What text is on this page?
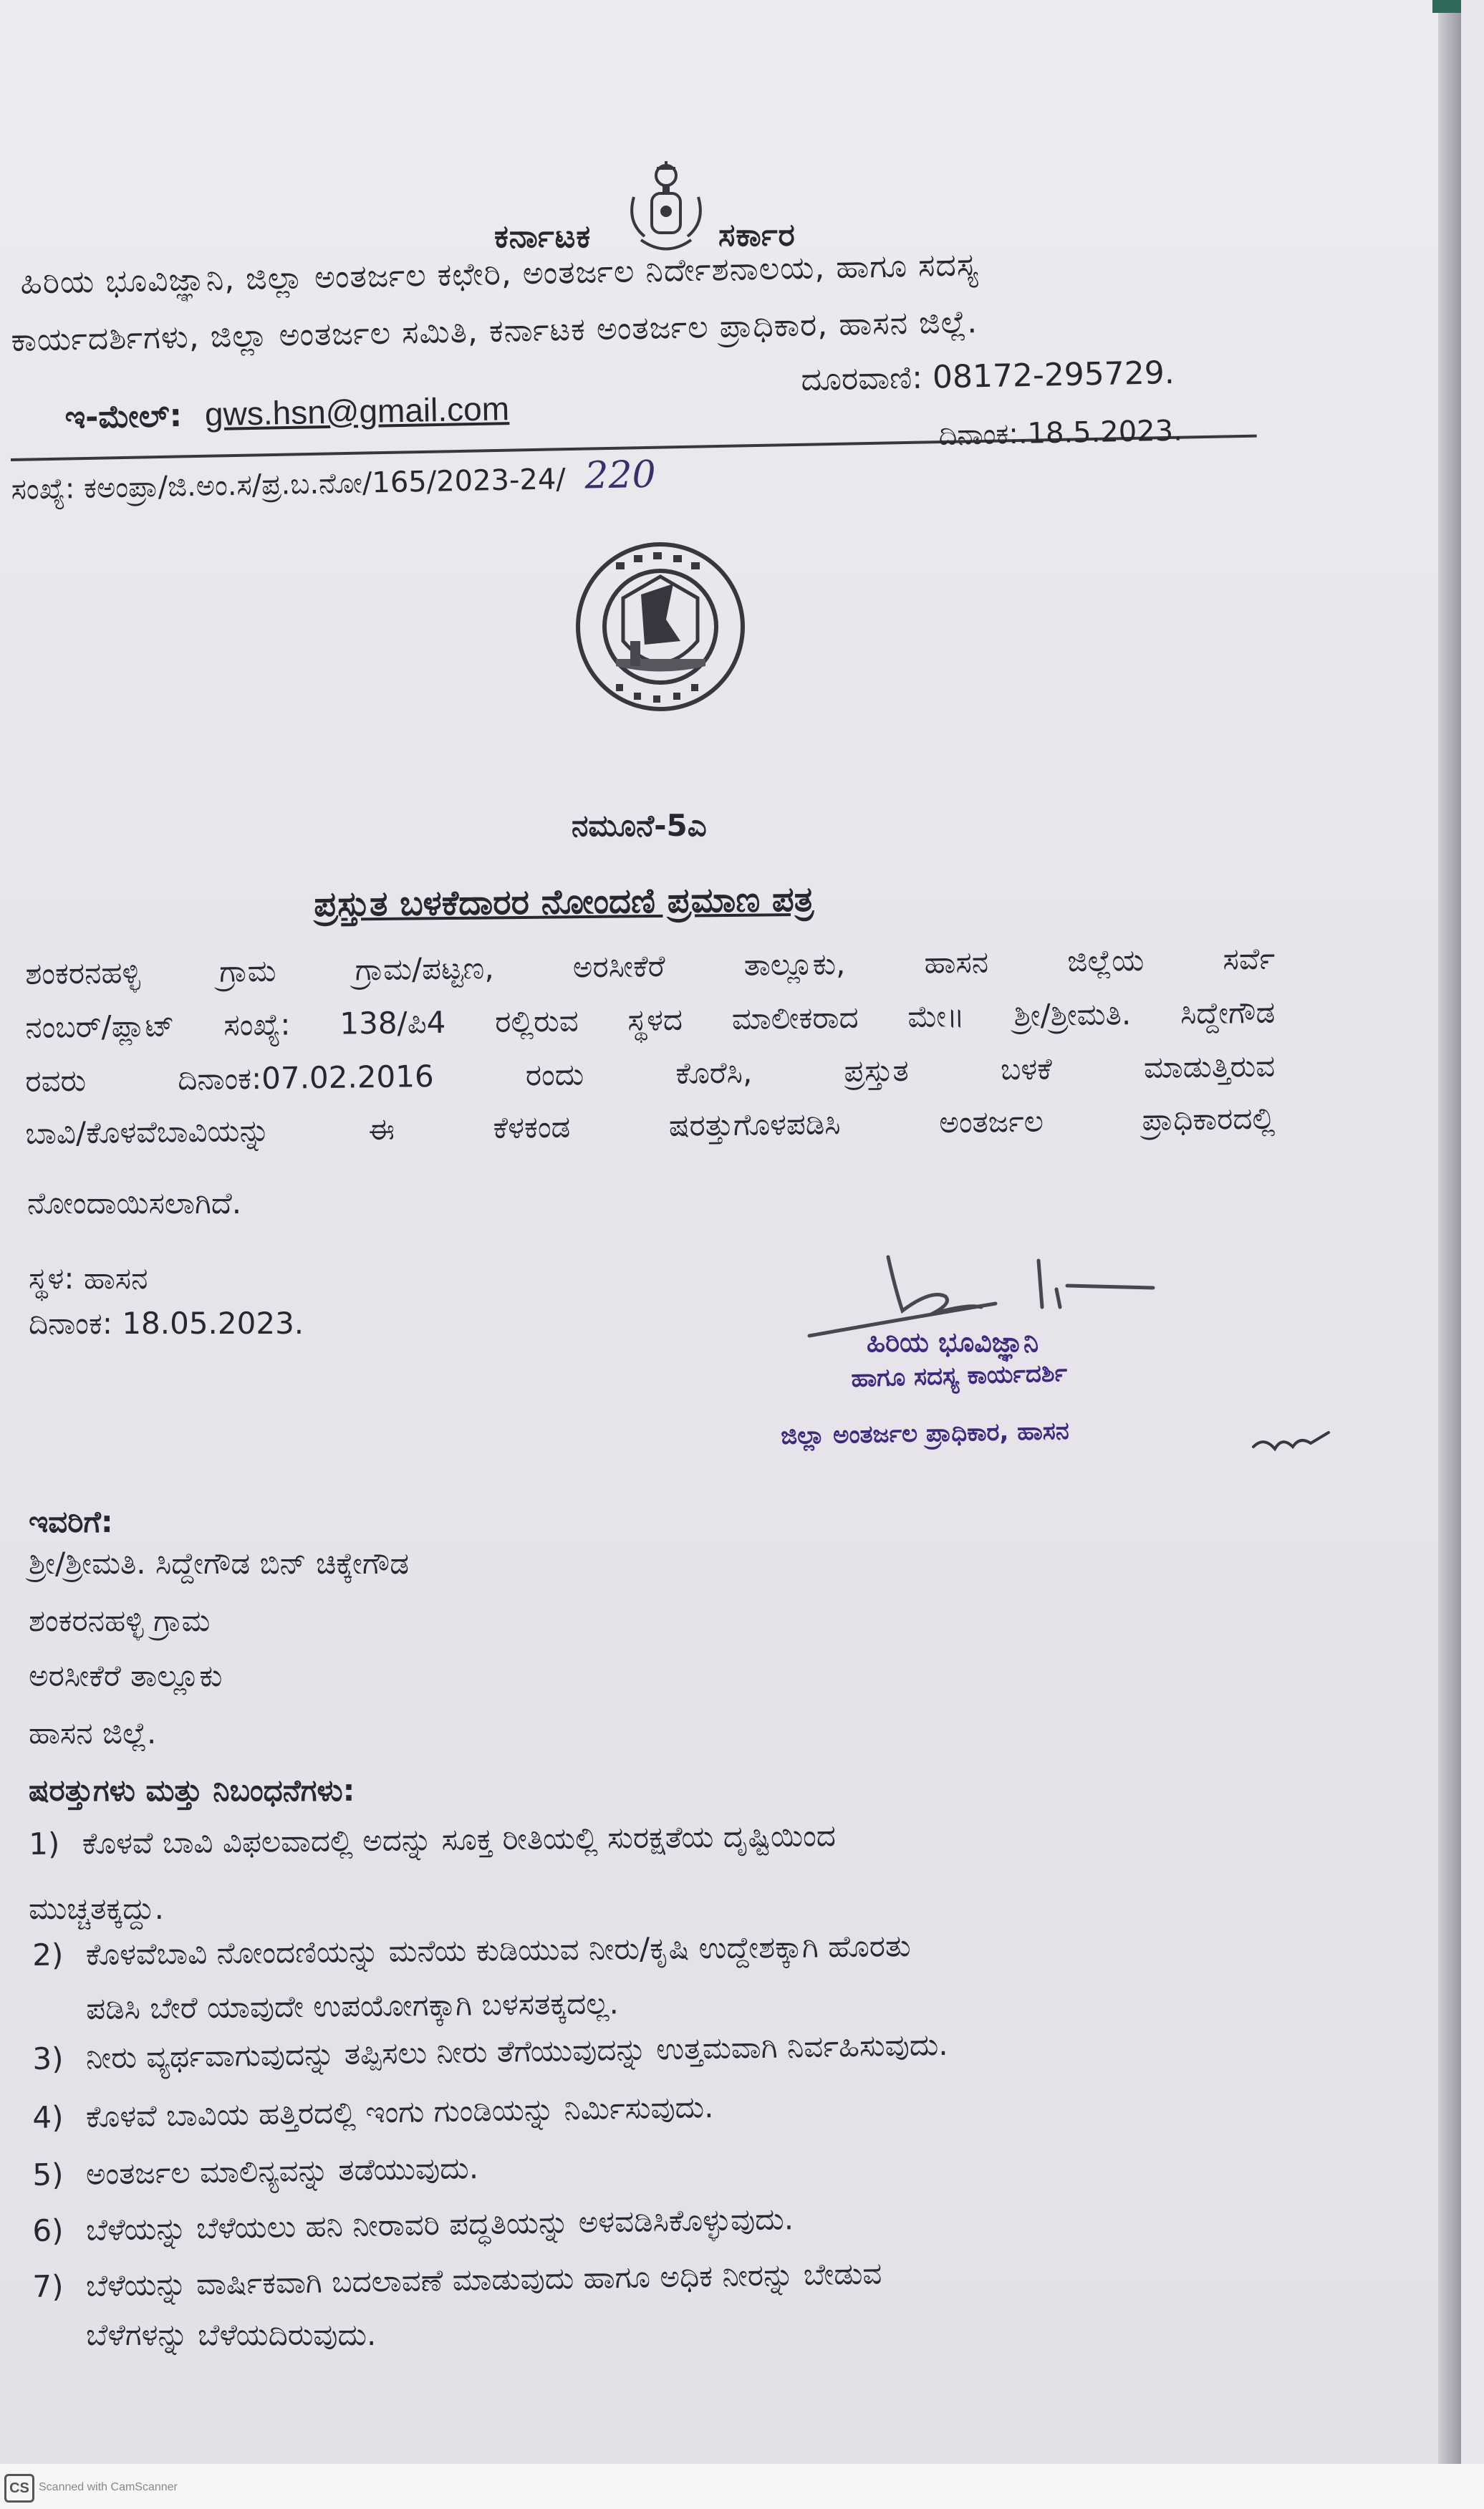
ಕರ್ನಾಟಕ	ಸರ್ಕಾರ
ಹಿರಿಯ ಭೂವಿಜ್ಞಾನಿ, ಜಿಲ್ಲಾ ಅಂತರ್ಜಲ ಕಛೇರಿ, ಅಂತರ್ಜಲ ನಿರ್ದೇಶನಾಲಯ, ಹಾಗೂ ಸದಸ್ಯ
ಕಾರ್ಯದರ್ಶಿಗಳು, ಜಿಲ್ಲಾ ಅಂತರ್ಜಲ ಸಮಿತಿ, ಕರ್ನಾಟಕ ಅಂತರ್ಜಲ ಪ್ರಾಧಿಕಾರ, ಹಾಸನ ಜಿಲ್ಲೆ.
ಇ-ಮೇಲ್: gws.hsn@gmail.com
ದೂರವಾಣಿ: 08172-295729.
ಸಂಖ್ಯೆ: ಕಅಂಪ್ರಾ/ಜಿ.ಅಂ.ಸ/ಪ್ರ.ಬ.ನೋ/165/2023-24/ 220
ದಿನಾಂಕ:.18.5.2023.
ನಮೂನೆ-5ಎ
ಪ್ರಸ್ತುತ ಬಳಕೆದಾರರ ನೋಂದಣಿ ಪ್ರಮಾಣ ಪತ್ರ
ಶಂಕರನಹಳ್ಳಿ ಗ್ರಾಮ ಗ್ರಾಮ/ಪಟ್ಟಣ, ಅರಸೀಕೆರೆ ತಾಲ್ಲೂಕು, ಹಾಸನ ಜಿಲ್ಲೆಯ ಸರ್ವೆ
ನಂಬರ್/ಪ್ಲಾಟ್ ಸಂಖ್ಯೆ: 138/ಪಿ4 ರಲ್ಲಿರುವ ಸ್ಥಳದ ಮಾಲೀಕರಾದ ಮೇ॥ ಶ್ರೀ/ಶ್ರೀಮತಿ. ಸಿದ್ದೇಗೌಡ
ರವರು ದಿನಾಂಕ:07.02.2016 ರಂದು ಕೊರೆಸಿ, ಪ್ರಸ್ತುತ ಬಳಕೆ ಮಾಡುತ್ತಿರುವ
ಬಾವಿ/ಕೊಳವೆಬಾವಿಯನ್ನು ಈ ಕೆಳಕಂಡ ಷರತ್ತುಗೊಳಪಡಿಸಿ ಅಂತರ್ಜಲ ಪ್ರಾಧಿಕಾರದಲ್ಲಿ
ನೋಂದಾಯಿಸಲಾಗಿದೆ.
ಸ್ಥಳ: ಹಾಸನ
ದಿನಾಂಕ: 18.05.2023.
ಹಿರಿಯ ಭೂವಿಜ್ಞಾನಿ
ಹಾಗೂ ಸದಸ್ಯ ಕಾರ್ಯದರ್ಶಿ
ಜಿಲ್ಲಾ ಅಂತರ್ಜಲ ಪ್ರಾಧಿಕಾರ, ಹಾಸನ
ಇವರಿಗೆ:
ಶ್ರೀ/ಶ್ರೀಮತಿ. ಸಿದ್ದೇಗೌಡ ಬಿನ್ ಚಿಕ್ಕೇಗೌಡ
ಶಂಕರನಹಳ್ಳಿ ಗ್ರಾಮ
ಅರಸೀಕೆರೆ ತಾಲ್ಲೂಕು
ಹಾಸನ ಜಿಲ್ಲೆ.
ಷರತ್ತುಗಳು ಮತ್ತು ನಿಬಂಧನೆಗಳು:
1) ಕೊಳವೆ ಬಾವಿ ವಿಫಲವಾದಲ್ಲಿ ಅದನ್ನು ಸೂಕ್ತ ರೀತಿಯಲ್ಲಿ ಸುರಕ್ಷತೆಯ ದೃಷ್ಟಿಯಿಂದ
ಮುಚ್ಚತಕ್ಕದ್ದು.
2) ಕೊಳವೆಬಾವಿ ನೋಂದಣಿಯನ್ನು ಮನೆಯ ಕುಡಿಯುವ ನೀರು/ಕೃಷಿ ಉದ್ದೇಶಕ್ಕಾಗಿ ಹೊರತು
ಪಡಿಸಿ ಬೇರೆ ಯಾವುದೇ ಉಪಯೋಗಕ್ಕಾಗಿ ಬಳಸತಕ್ಕದಲ್ಲ.
3) ನೀರು ವ್ಯರ್ಥವಾಗುವುದನ್ನು ತಪ್ಪಿಸಲು ನೀರು ತೆಗೆಯುವುದನ್ನು ಉತ್ತಮವಾಗಿ ನಿರ್ವಹಿಸುವುದು.
4) ಕೊಳವೆ ಬಾವಿಯ ಹತ್ತಿರದಲ್ಲಿ ಇಂಗು ಗುಂಡಿಯನ್ನು ನಿರ್ಮಿಸುವುದು.
5) ಅಂತರ್ಜಲ ಮಾಲಿನ್ಯವನ್ನು ತಡೆಯುವುದು.
6) ಬೆಳೆಯನ್ನು ಬೆಳೆಯಲು ಹನಿ ನೀರಾವರಿ ಪದ್ಧತಿಯನ್ನು ಅಳವಡಿಸಿಕೊಳ್ಳುವುದು.
7) ಬೆಳೆಯನ್ನು ವಾರ್ಷಿಕವಾಗಿ ಬದಲಾವಣೆ ಮಾಡುವುದು ಹಾಗೂ ಅಧಿಕ ನೀರನ್ನು ಬೇಡುವ
ಬೆಳೆಗಳನ್ನು ಬೆಳೆಯದಿರುವುದು.
CS Scanned with CamScanner
